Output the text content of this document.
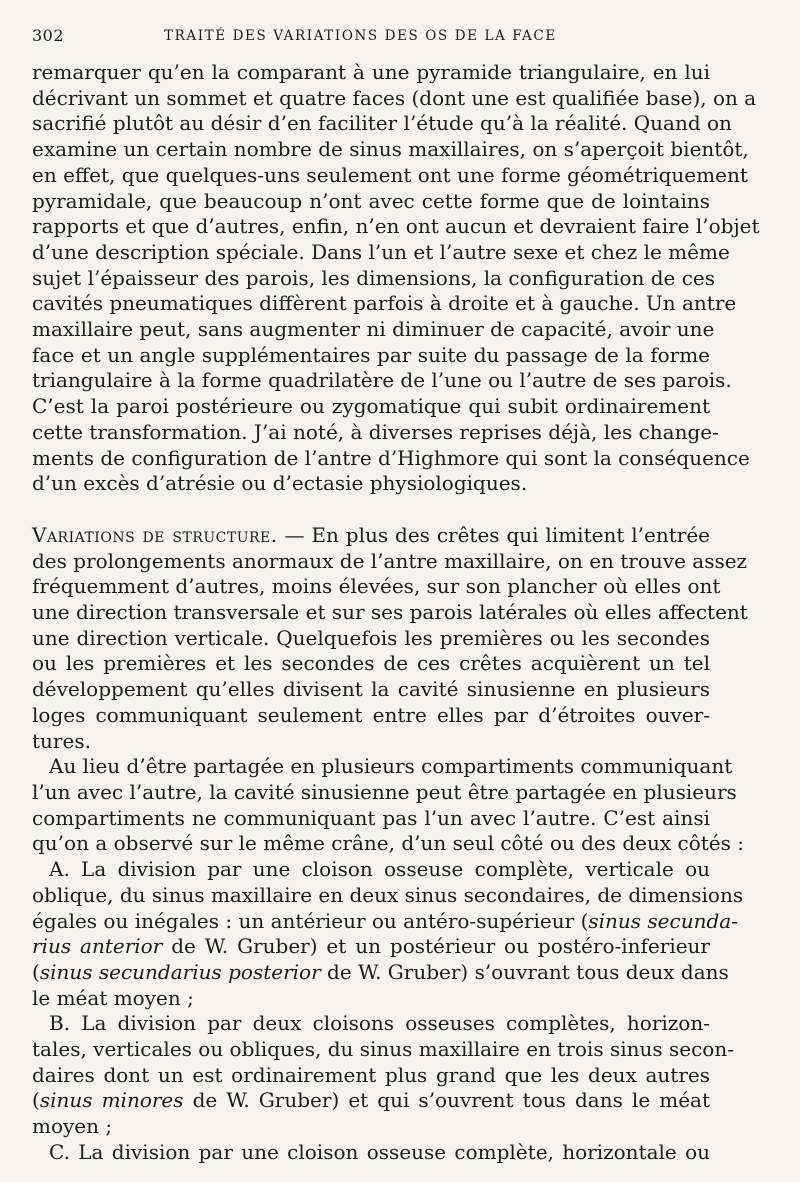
302	TRAITÉ DES VARIATIONS DES OS DE LA FACE
remarquer qu’en la comparant à une pyramide triangulaire, en lui
décrivant un sommet et quatre faces (dont une est qualifiée base), on a
sacrifié plutôt au désir d’en faciliter l’étude qu’à la réalité. Quand on
examine un certain nombre de sinus maxillaires, on s’aperçoit bientôt,
en effet, que quelques-uns seulement ont une forme géométriquement
pyramidale, que beaucoup n’ont avec cette forme que de lointains
rapports et que d’autres, enfin, n’en ont aucun et devraient faire l’objet
d’une description spéciale. Dans l’un et l’autre sexe et chez le même
sujet l’épaisseur des parois, les dimensions, la configuration de ces
cavités pneumatiques diffèrent parfois à droite et à gauche. Un antre
maxillaire peut, sans augmenter ni diminuer de capacité, avoir une
face et un angle supplémentaires par suite du passage de la forme
triangulaire à la forme quadrilatère de l’une ou l’autre de ses parois.
C’est la paroi postérieure ou zygomatique qui subit ordinairement
cette transformation. J’ai noté, à diverses reprises déjà, les change-
ments de configuration de l’antre d’Highmore qui sont la conséquence
d’un excès d’atrésie ou d’ectasie physiologiques.
Variations de structure. — En plus des crêtes qui limitent l’entrée
des prolongements anormaux de l’antre maxillaire, on en trouve assez
fréquemment d’autres, moins élevées, sur son plancher où elles ont
une direction transversale et sur ses parois latérales où elles affectent
une direction verticale. Quelquefois les premières ou les secondes
ou les premières et les secondes de ces crêtes acquièrent un tel
développement qu’elles divisent la cavité sinusienne en plusieurs
loges communiquant seulement entre elles par d’étroites ouver-
tures.
Au lieu d’être partagée en plusieurs compartiments communiquant
l’un avec l’autre, la cavité sinusienne peut être partagée en plusieurs
compartiments ne communiquant pas l’un avec l’autre. C’est ainsi
qu’on a observé sur le même crâne, d’un seul côté ou des deux côtés :
A. La division par une cloison osseuse complète, verticale ou
oblique, du sinus maxillaire en deux sinus secondaires, de dimensions
égales ou inégales : un antérieur ou antéro-supérieur (sinus secunda-
rius anterior de W. Gruber) et un postérieur ou postéro-inferieur
(sinus secundarius posterior de W. Gruber) s’ouvrant tous deux dans
le méat moyen ;
B. La division par deux cloisons osseuses complètes, horizon-
tales, verticales ou obliques, du sinus maxillaire en trois sinus secon-
daires dont un est ordinairement plus grand que les deux autres
(sinus minores de W. Gruber) et qui s’ouvrent tous dans le méat
moyen ;
C. La division par une cloison osseuse complète, horizontale ou
